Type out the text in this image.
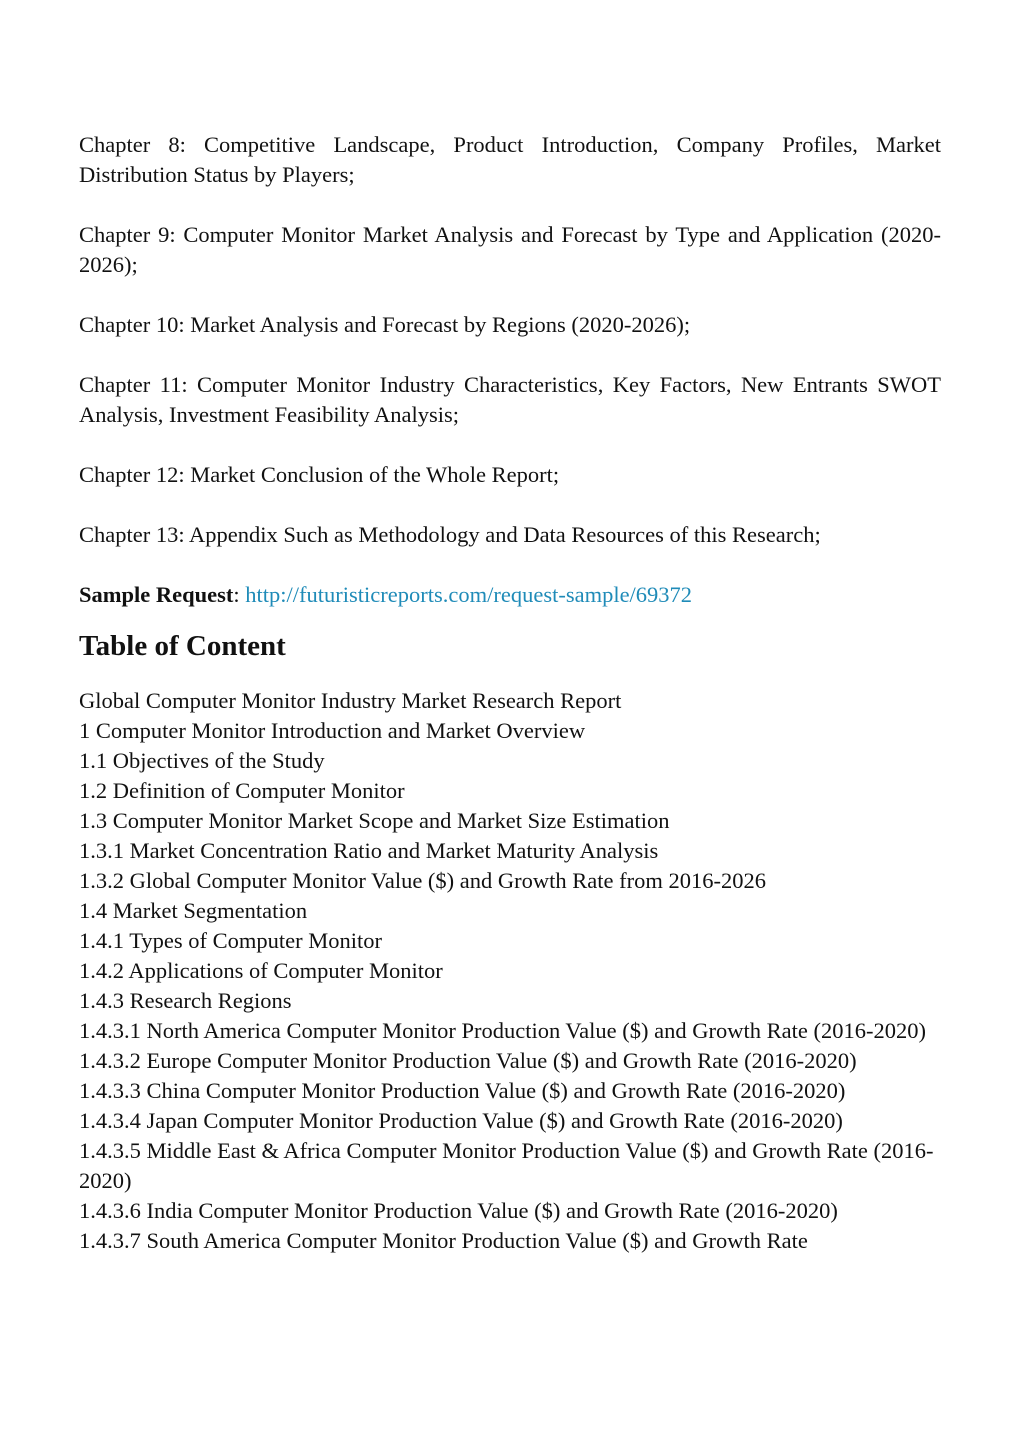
Chapter 8: Competitive Landscape, Product Introduction, Company Profiles, Market Distribution Status by Players;

Chapter 9: Computer Monitor Market Analysis and Forecast by Type and Application (2020-2026);

Chapter 10: Market Analysis and Forecast by Regions (2020-2026);

Chapter 11: Computer Monitor Industry Characteristics, Key Factors, New Entrants SWOT Analysis, Investment Feasibility Analysis;

Chapter 12: Market Conclusion of the Whole Report;

Chapter 13: Appendix Such as Methodology and Data Resources of this Research;

Sample Request: http://futuristicreports.com/request-sample/69372

Table of Content
Global Computer Monitor Industry Market Research Report
1 Computer Monitor Introduction and Market Overview
1.1 Objectives of the Study
1.2 Definition of Computer Monitor
1.3 Computer Monitor Market Scope and Market Size Estimation
1.3.1 Market Concentration Ratio and Market Maturity Analysis
1.3.2 Global Computer Monitor Value ($) and Growth Rate from 2016-2026
1.4 Market Segmentation
1.4.1 Types of Computer Monitor
1.4.2 Applications of Computer Monitor
1.4.3 Research Regions
1.4.3.1 North America Computer Monitor Production Value ($) and Growth Rate (2016-2020)
1.4.3.2 Europe Computer Monitor Production Value ($) and Growth Rate (2016-2020)
1.4.3.3 China Computer Monitor Production Value ($) and Growth Rate (2016-2020)
1.4.3.4 Japan Computer Monitor Production Value ($) and Growth Rate (2016-2020)
1.4.3.5 Middle East & Africa Computer Monitor Production Value ($) and Growth Rate (2016-2020)
1.4.3.6 India Computer Monitor Production Value ($) and Growth Rate (2016-2020)
1.4.3.7 South America Computer Monitor Production Value ($) and Growth Rate
